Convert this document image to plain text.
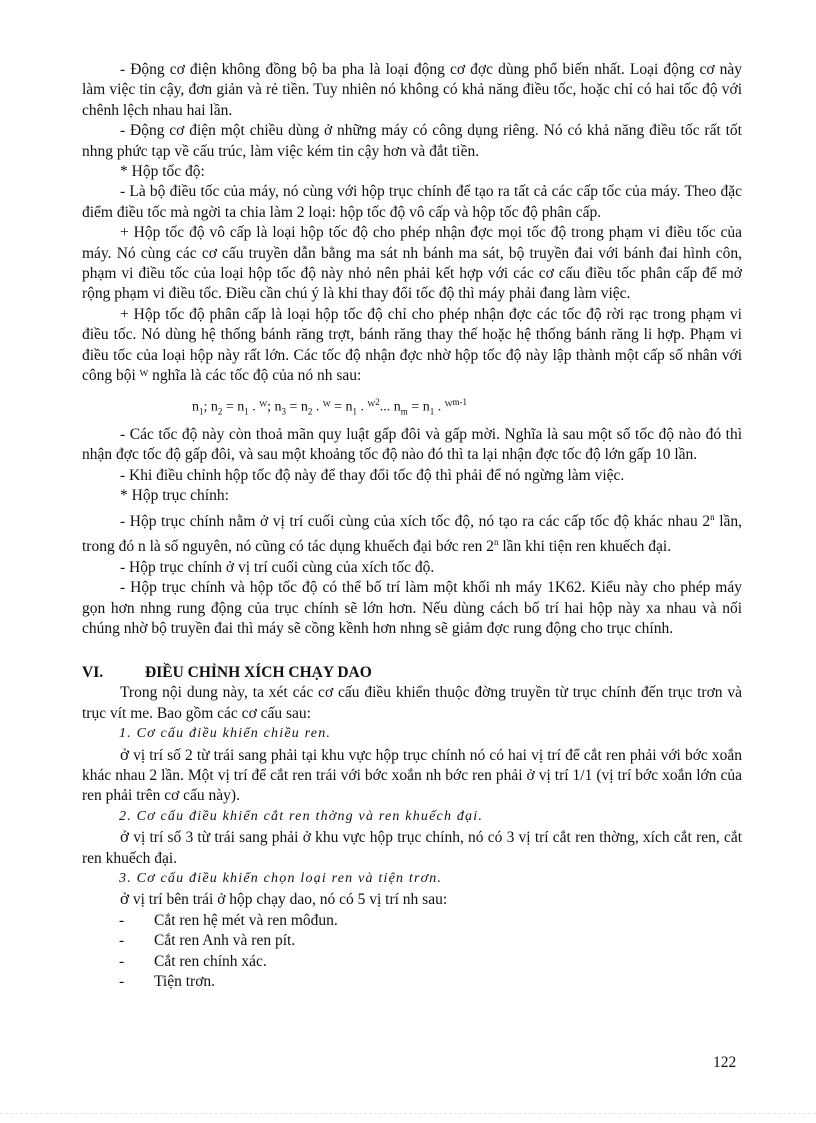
- Động cơ điện không đồng bộ ba pha là loại động cơ đợc dùng phổ biến nhất. Loại động cơ này làm việc tin cậy, đơn giản và rẻ tiền. Tuy nhiên nó không có khả năng điều tốc, hoặc chỉ có hai tốc độ với chênh lệch nhau hai lần.

- Động cơ điện một chiều dùng ở những máy có công dụng riêng. Nó có khả năng điều tốc rất tốt nhng phức tạp về cấu trúc, làm việc kém tin cậy hơn và đắt tiền.

* Hộp tốc độ:

- Là bộ điều tốc của máy, nó cùng với hộp trục chính để tạo ra tất cả các cấp tốc của máy. Theo đặc điểm điều tốc mà ngời ta chia làm 2 loại: hộp tốc độ vô cấp và hộp tốc độ phân cấp.

+ Hộp tốc độ vô cấp là loại hộp tốc độ cho phép nhận đợc mọi tốc độ trong phạm vi điều tốc của máy. Nó cùng các cơ cấu truyền dẫn bằng ma sát nh bánh ma sát, bộ truyền đai với bánh đai hình côn, phạm vi điều tốc của loại hộp tốc độ này nhỏ nên phải kết hợp với các cơ cấu điều tốc phân cấp để mở rộng phạm vi điều tốc. Điều cần chú ý là khi thay đổi tốc độ thì máy phải đang làm việc.

+ Hộp tốc độ phân cấp là loại hộp tốc độ chỉ cho phép nhận đợc các tốc độ rời rạc trong phạm vi điều tốc. Nó dùng hệ thống bánh răng trợt, bánh răng thay thế hoặc hệ thống bánh răng li hợp. Phạm vi điều tốc của loại hộp này rất lớn. Các tốc độ nhận đợc nhờ hộp tốc độ này lập thành một cấp số nhân với công bội ᵂ nghĩa là các tốc độ của nó nh sau:

$n_1$; $n_2 = n_1$ . ᵂ; $n_3 = n_2$ . ᵂ = $n_1$ . ᵂ$^2$... $n_m = n_1$ . ᵂ$^{m-1}$

- Các tốc độ này còn thoả mãn quy luật gấp đôi và gấp mời. Nghĩa là sau một số tốc độ nào đó thì nhận đợc tốc độ gấp đôi, và sau một khoảng tốc độ nào đó thì ta lại nhận đợc tốc độ lớn gấp 10 lần.

- Khi điều chỉnh hộp tốc độ này để thay đổi tốc độ thì phải để nó ngừng làm việc.

* Hộp trục chính:

- Hộp trục chính nằm ở vị trí cuối cùng của xích tốc độ, nó tạo ra các cấp tốc độ khác nhau 2$^n$ lần, trong đó n là số nguyên, nó cũng có tác dụng khuếch đại bớc ren 2$^n$ lần khi tiện ren khuếch đại.

- Hộp trục chính ở vị trí cuối cùng của xích tốc độ.

- Hộp trục chính và hộp tốc độ có thể bố trí làm một khối nh máy 1K62. Kiểu này cho phép máy gọn hơn nhng rung động của trục chính sẽ lớn hơn. Nếu dùng cách bố trí hai hộp này xa nhau và nối chúng nhờ bộ truyền đai thì máy sẽ cồng kềnh hơn nhng sẽ giảm đợc rung động cho trục chính.

VI.	ĐIỀU CHỈNH XÍCH CHẠY DAO

Trong nội dung này, ta xét các cơ cấu điều khiển thuộc đờng truyền từ trục chính đến trục trơn và trục vít me. Bao gồm các cơ cấu sau:

1. Cơ cấu điều khiển chiều ren.

ở vị trí số 2 từ trái sang phải tại khu vực hộp trục chính nó có hai vị trí để cắt ren phải với bớc xoắn khác nhau 2 lần. Một vị trí để cắt ren trái với bớc xoắn nh bớc ren phải ở vị trí 1/1 (vị trí bớc xoắn lớn của ren phải trên cơ cấu này).

2. Cơ cấu điều khiển cắt ren thờng và ren khuếch đại.

ở vị trí số 3 từ trái sang phải ở khu vực hộp trục chính, nó có 3 vị trí cắt ren thờng, xích cắt ren, cắt ren khuếch đại.

3. Cơ cấu điều khiển chọn loại ren và tiện trơn.

ở vị trí bên trái ở hộp chạy dao, nó có 5 vị trí nh sau:

-	Cắt ren hệ mét và ren môđun.
-	Cắt ren Anh và ren pít.
-	Cắt ren chính xác.
-	Tiện trơn.
122
